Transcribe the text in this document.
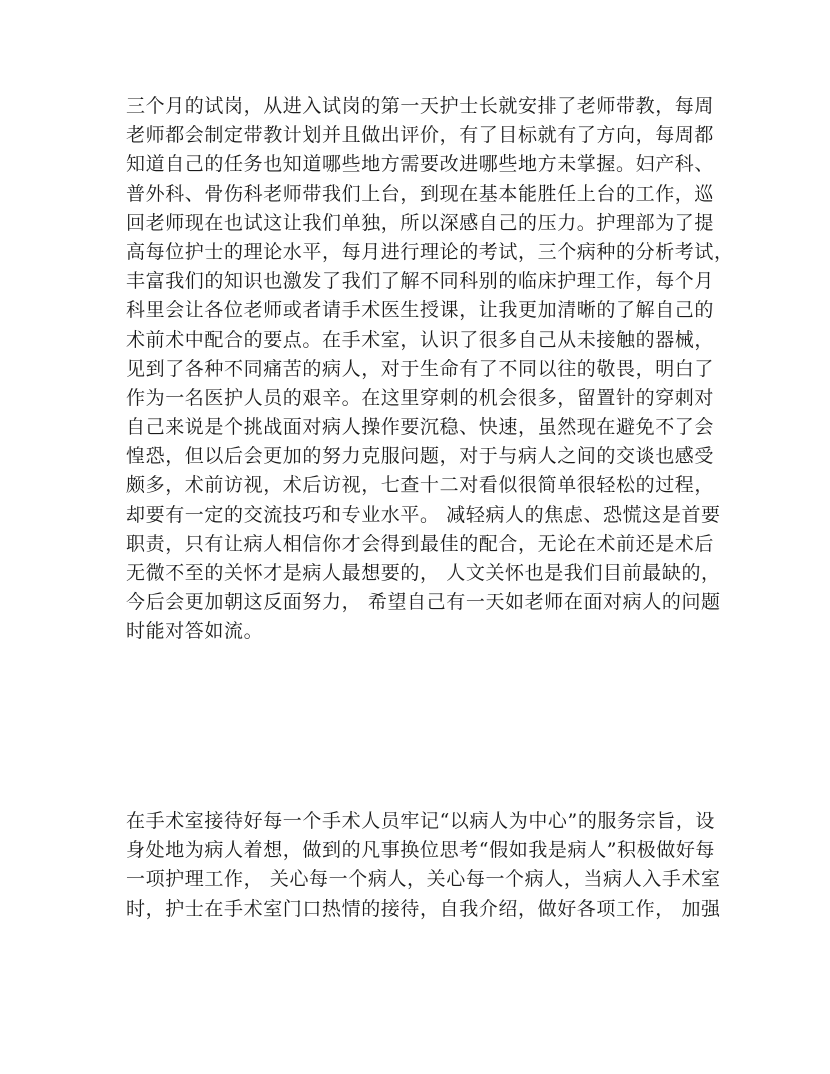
三个月的试岗，从进入试岗的第一天护士长就安排了老师带教，每周
老师都会制定带教计划并且做出评价，有了目标就有了方向，每周都
知道自己的任务也知道哪些地方需要改进哪些地方未掌握。妇产科、
普外科、骨伤科老师带我们上台，到现在基本能胜任上台的工作，巡
回老师现在也试这让我们单独，所以深感自己的压力。护理部为了提
高每位护士的理论水平，每月进行理论的考试，三个病种的分析考试，
丰富我们的知识也激发了我们了解不同科别的临床护理工作，每个月
科里会让各位老师或者请手术医生授课，让我更加清晰的了解自己的
术前术中配合的要点。在手术室，认识了很多自己从未接触的器械，
见到了各种不同痛苦的病人，对于生命有了不同以往的敬畏，明白了
作为一名医护人员的艰辛。在这里穿刺的机会很多，留置针的穿刺对
自己来说是个挑战面对病人操作要沉稳、快速，虽然现在避免不了会
惶恐，但以后会更加的努力克服问题，对于与病人之间的交谈也感受
颇多，术前访视，术后访视，七查十二对看似很简单很轻松的过程，
却要有一定的交流技巧和专业水平。 减轻病人的焦虑、恐慌这是首要
职责，只有让病人相信你才会得到最佳的配合，无论在术前还是术后
无微不至的关怀才是病人最想要的， 人文关怀也是我们目前最缺的，
今后会更加朝这反面努力， 希望自己有一天如老师在面对病人的问题
时能对答如流。
在手术室接待好每一个手术人员牢记“以病人为中心”的服务宗旨，设
身处地为病人着想，做到的凡事换位思考“假如我是病人”积极做好每
一项护理工作， 关心每一个病人，关心每一个病人，当病人入手术室
时，护士在手术室门口热情的接待，自我介绍，做好各项工作， 加强
